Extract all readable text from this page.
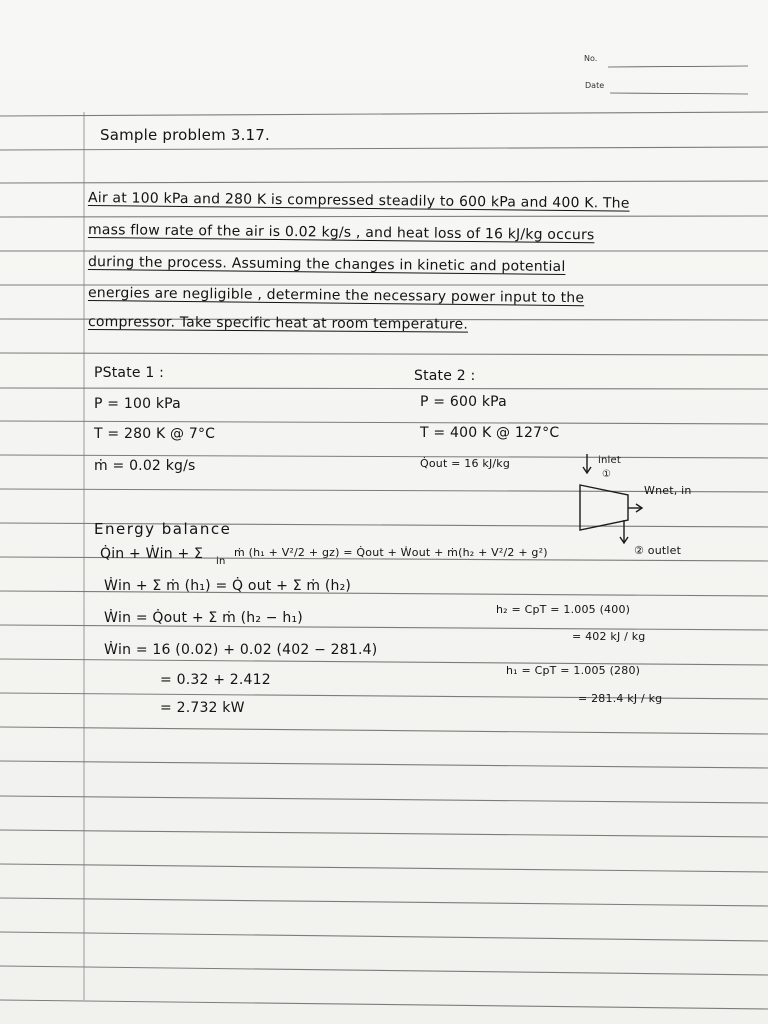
No.
Date
Sample problem 3.17.
Air at 100 kPa and 280 K is compressed steadily to 600 kPa and 400 K. The
mass flow rate of the air is 0.02 kg/s , and heat loss of 16 kJ/kg occurs
during the process. Assuming the changes in kinetic and potential
energies are negligible , determine the necessary power input to the
compressor. Take specific heat at room temperature.
PState 1 :
P = 100 kPa
T = 280 K @ 7°C
ṁ = 0.02 kg/s
State 2 :
P = 600 kPa
T = 400 K @ 127°C
Q̇out = 16 kJ/kg	inlet
①
Wnet, in
② outlet
Energy balance
Q̇in + Ẇin + Σ in
ṁ (h₁ + V²/2 + gz) = Q̇out + Ẇout + ṁ(h₂ + V²/2 + g²)
Ẇin + Σ ṁ (h₁) = Q̇ out + Σ ṁ (h₂)
Ẇin = Q̇out + Σ ṁ (h₂ − h₁)
Ẇin = 16 (0.02) + 0.02 (402 − 281.4)
= 0.32 + 2.412
= 2.732 kW
h₂ = CpT = 1.005 (400)
= 402 kJ / kg
h₁ = CpT = 1.005 (280)
= 281.4 kJ / kg
